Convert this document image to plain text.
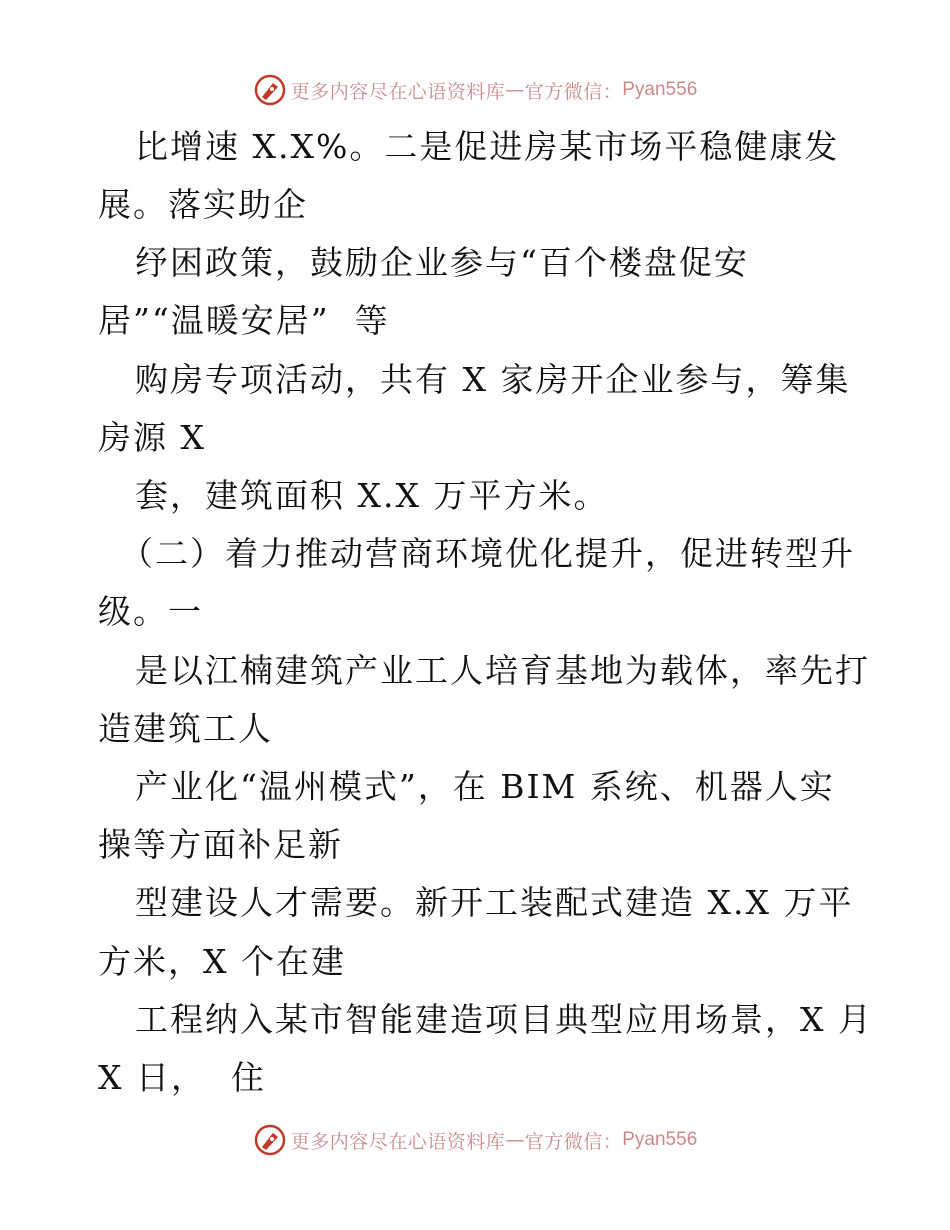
更多内容尽在心语资料库 — 官方微信： Pyan556
比增速 X.X%。二是促进房某市场平稳健康发
展。落实助企
纾困政策，鼓励企业参与“百个楼盘促安
居”“温暖安居”  等
购房专项活动，共有 X 家房开企业参与，筹集
房源 X
套，建筑面积 X.X 万平方米。
（二）着力推动营商环境优化提升，促进转型升
级。一
是以江楠建筑产业工人培育基地为载体，率先打
造建筑工人
产业化“温州模式”，在 BIM 系统、机器人实
操等方面补足新
型建设人才需要。新开工装配式建造 X.X 万平
方米，X 个在建
工程纳入某市智能建造项目典型应用场景，X 月
X 日，  住
更多内容尽在心语资料库 — 官方微信： Pyan556
